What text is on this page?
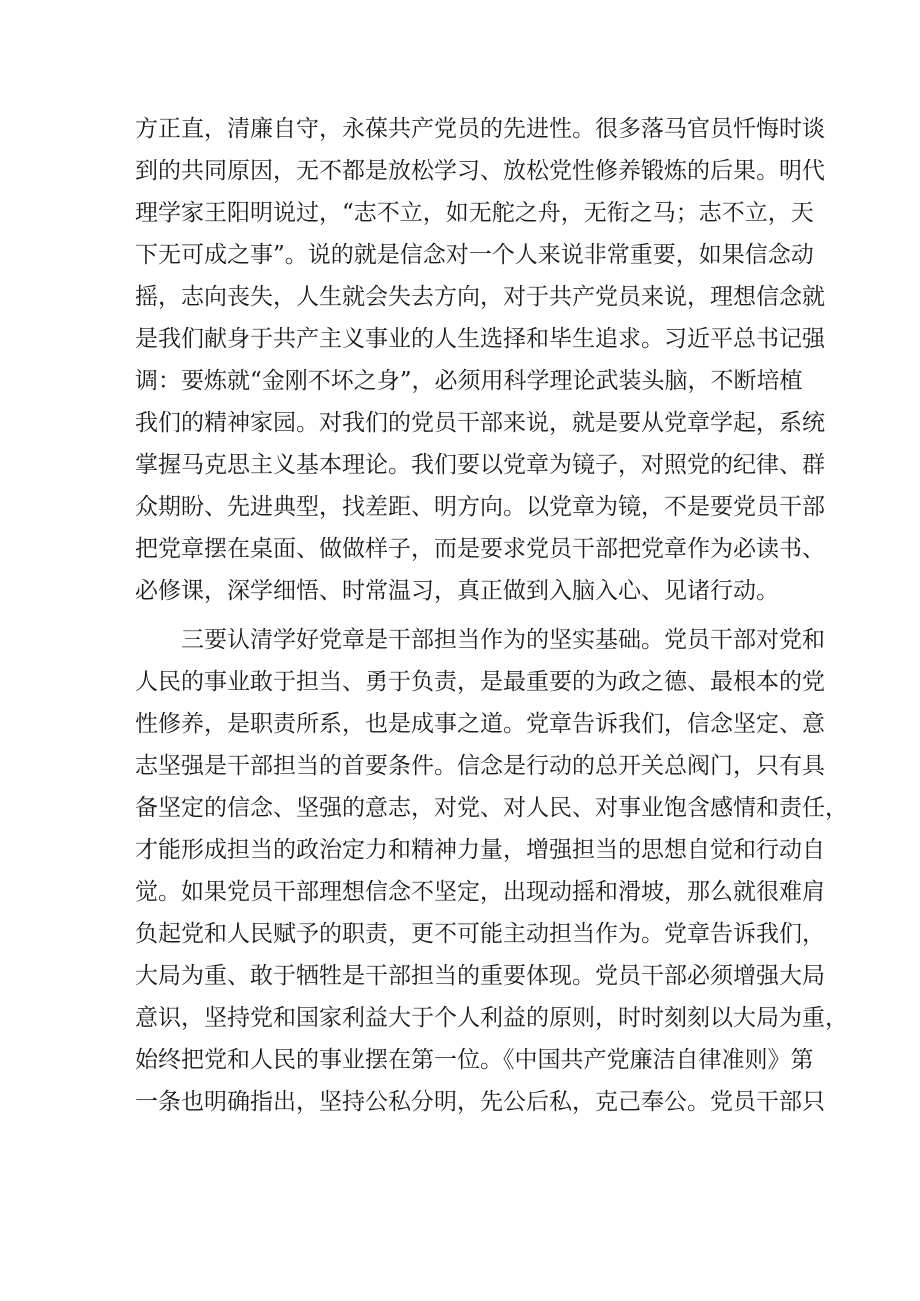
方正直，清廉自守，永葆共产党员的先进性。很多落马官员忏悔时谈
到的共同原因，无不都是放松学习、放松党性修养锻炼的后果。明代
理学家王阳明说过，“志不立，如无舵之舟，无衔之马；志不立，天
下无可成之事”。说的就是信念对一个人来说非常重要，如果信念动
摇，志向丧失，人生就会失去方向，对于共产党员来说，理想信念就
是我们献身于共产主义事业的人生选择和毕生追求。习近平总书记强
调：要炼就“金刚不坏之身”，必须用科学理论武装头脑，不断培植
我们的精神家园。对我们的党员干部来说，就是要从党章学起，系统
掌握马克思主义基本理论。我们要以党章为镜子，对照党的纪律、群
众期盼、先进典型，找差距、明方向。以党章为镜，不是要党员干部
把党章摆在桌面、做做样子，而是要求党员干部把党章作为必读书、
必修课，深学细悟、时常温习，真正做到入脑入心、见诸行动。
三要认清学好党章是干部担当作为的坚实基础。党员干部对党和
人民的事业敢于担当、勇于负责，是最重要的为政之德、最根本的党
性修养，是职责所系，也是成事之道。党章告诉我们，信念坚定、意
志坚强是干部担当的首要条件。信念是行动的总开关总阀门，只有具
备坚定的信念、坚强的意志，对党、对人民、对事业饱含感情和责任，
才能形成担当的政治定力和精神力量，增强担当的思想自觉和行动自
觉。如果党员干部理想信念不坚定，出现动摇和滑坡，那么就很难肩
负起党和人民赋予的职责，更不可能主动担当作为。党章告诉我们，
大局为重、敢于牺牲是干部担当的重要体现。党员干部必须增强大局
意识，坚持党和国家利益大于个人利益的原则，时时刻刻以大局为重，
始终把党和人民的事业摆在第一位。《中国共产党廉洁自律准则》第
一条也明确指出，坚持公私分明，先公后私，克己奉公。党员干部只
